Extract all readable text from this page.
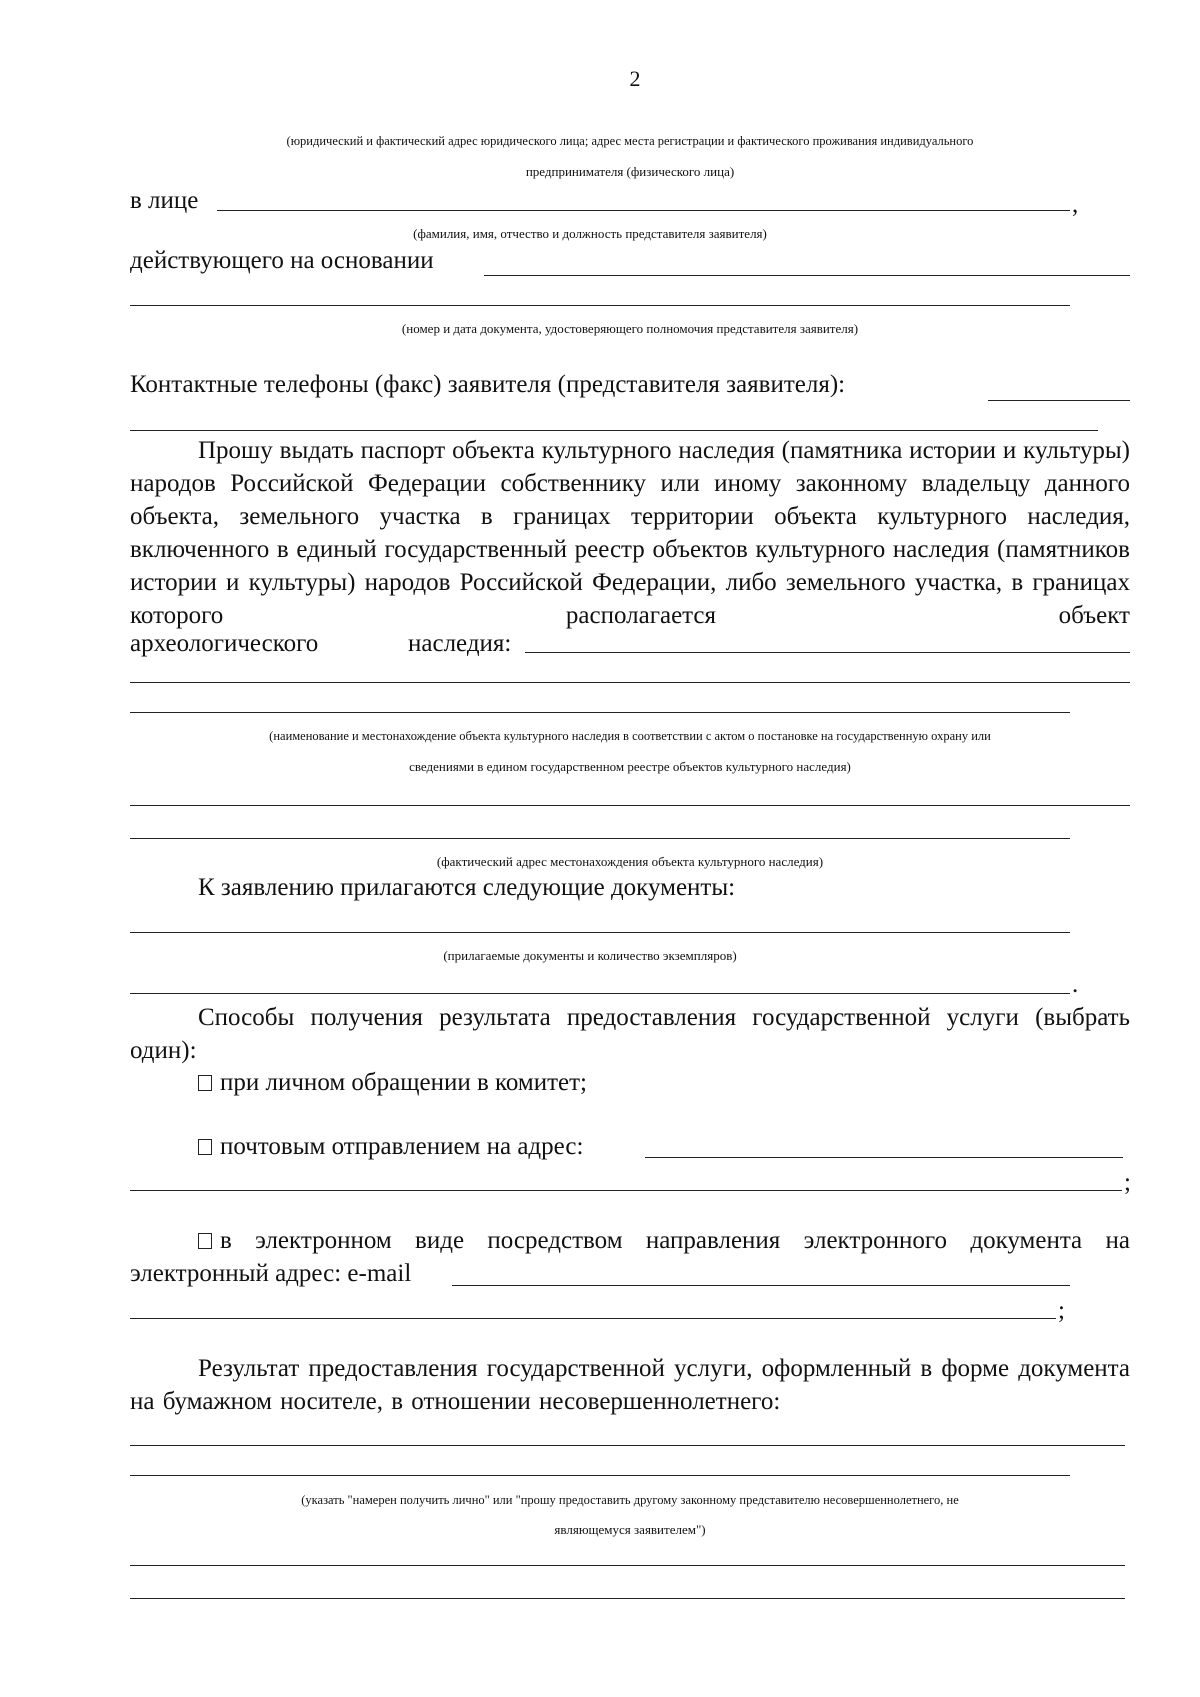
2
(юридический и фактический адрес юридического лица; адрес места регистрации и фактического проживания индивидуального
предпринимателя (физического лица)
в лице	,
(фамилия, имя, отчество и должность представителя заявителя)
действующего на основании
(номер и дата документа, удостоверяющего полномочия представителя заявителя)
Контактные телефоны (факс) заявителя (представителя заявителя):
Прошу выдать паспорт объекта культурного наследия (памятника истории и культуры) народов Российской Федерации собственнику или иному законному владельцу данного объекта, земельного участка в границах территории объекта культурного наследия, включенного в единый государственный реестр объектов культурного наследия (памятников истории и культуры) народов Российской Федерации, либо земельного участка, в границах которого располагается объект
археологического	наследия:
(наименование и местонахождение объекта культурного наследия в соответствии с актом о постановке на государственную охрану или
сведениями в едином государственном реестре объектов культурного наследия)
(фактический адрес местонахождения объекта культурного наследия)
К заявлению прилагаются следующие документы:
(прилагаемые документы и количество экземпляров)
.
Способы получения результата предоставления государственной услуги (выбрать один):
при личном обращении в комитет;
почтовым отправлением на адрес:
;
в электронном виде посредством направления электронного документа на электронный адрес: e-mail
;
Результат предоставления государственной услуги, оформленный в форме документа на бумажном носителе, в отношении несовершеннолетнего:
(указать "намерен получить лично" или "прошу предоставить другому законному представителю несовершеннолетнего, не
являющемуся заявителем")
